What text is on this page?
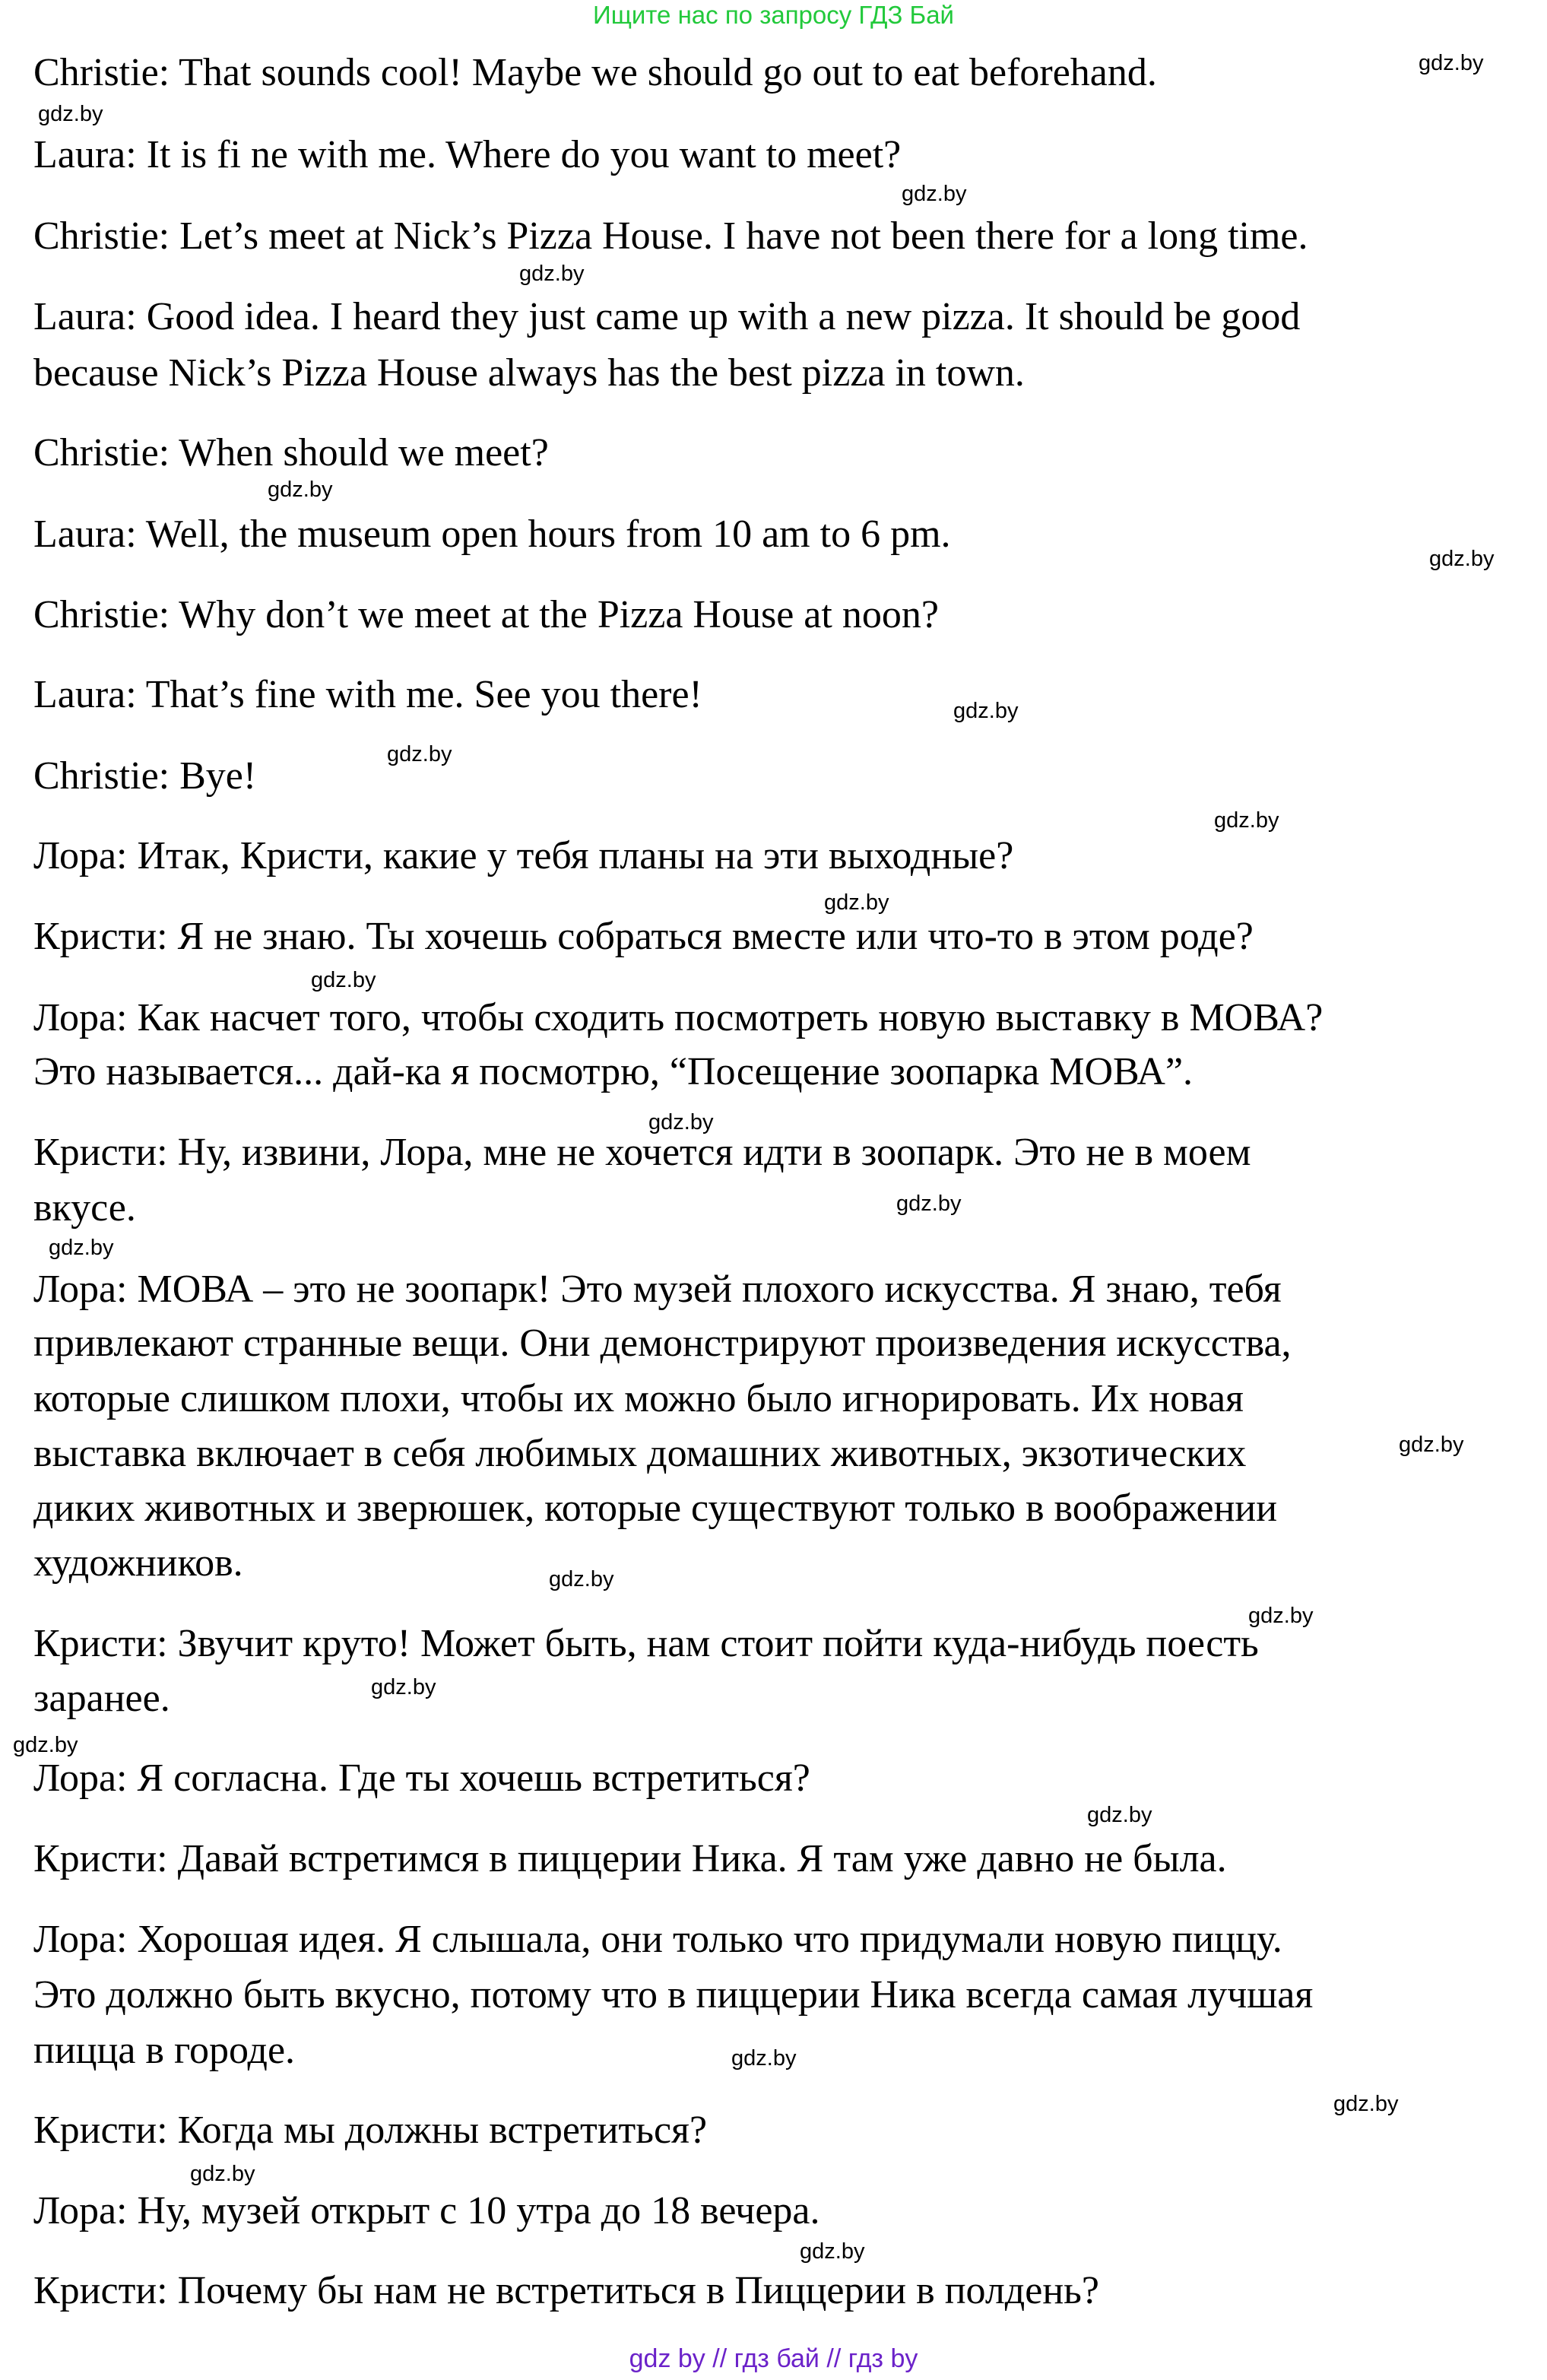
Ищите нас по запросу ГДЗ Бай
Christie: That sounds cool! Maybe we should go out to eat beforehand.
Laura: It is fi ne with me. Where do you want to meet?
Christie: Let’s meet at Nick’s Pizza House. I have not been there for a long time.
Laura: Good idea. I heard they just came up with a new pizza. It should be good
because Nick’s Pizza House always has the best pizza in town.
Christie: When should we meet?
Laura: Well, the museum open hours from 10 am to 6 pm.
Christie: Why don’t we meet at the Pizza House at noon?
Laura: That’s fine with me. See you there!
Christie: Bye!
Лора: Итак, Кристи, какие у тебя планы на эти выходные?
Кристи: Я не знаю. Ты хочешь собраться вместе или что-то в этом роде?
Лора: Как насчет того, чтобы сходить посмотреть новую выставку в МОВА?
Это называется... дай-ка я посмотрю, “Посещение зоопарка МОВА”.
Кристи: Ну, извини, Лора, мне не хочется идти в зоопарк. Это не в моем
вкусе.
Лора: МОВА – это не зоопарк! Это музей плохого искусства. Я знаю, тебя
привлекают странные вещи. Они демонстрируют произведения искусства,
которые слишком плохи, чтобы их можно было игнорировать. Их новая
выставка включает в себя любимых домашних животных, экзотических
диких животных и зверюшек, которые существуют только в воображении
художников.
Кристи: Звучит круто! Может быть, нам стоит пойти куда-нибудь поесть
заранее.
Лора: Я согласна. Где ты хочешь встретиться?
Кристи: Давай встретимся в пиццерии Ника. Я там уже давно не была.
Лора: Хорошая идея. Я слышала, они только что придумали новую пиццу.
Это должно быть вкусно, потому что в пиццерии Ника всегда самая лучшая
пицца в городе.
Кристи: Когда мы должны встретиться?
Лора: Ну, музей открыт с 10 утра до 18 вечера.
Кристи: Почему бы нам не встретиться в Пиццерии в полдень?
gdz.by
gdz.by
gdz.by
gdz.by
gdz.by
gdz.by
gdz.by
gdz.by
gdz.by
gdz.by
gdz.by
gdz.by
gdz.by
gdz.by
gdz.by
gdz.by
gdz.by
gdz.by
gdz.by
gdz.by
gdz.by
gdz.by
gdz.by
gdz.by
gdz by // гдз бай // гдз by
